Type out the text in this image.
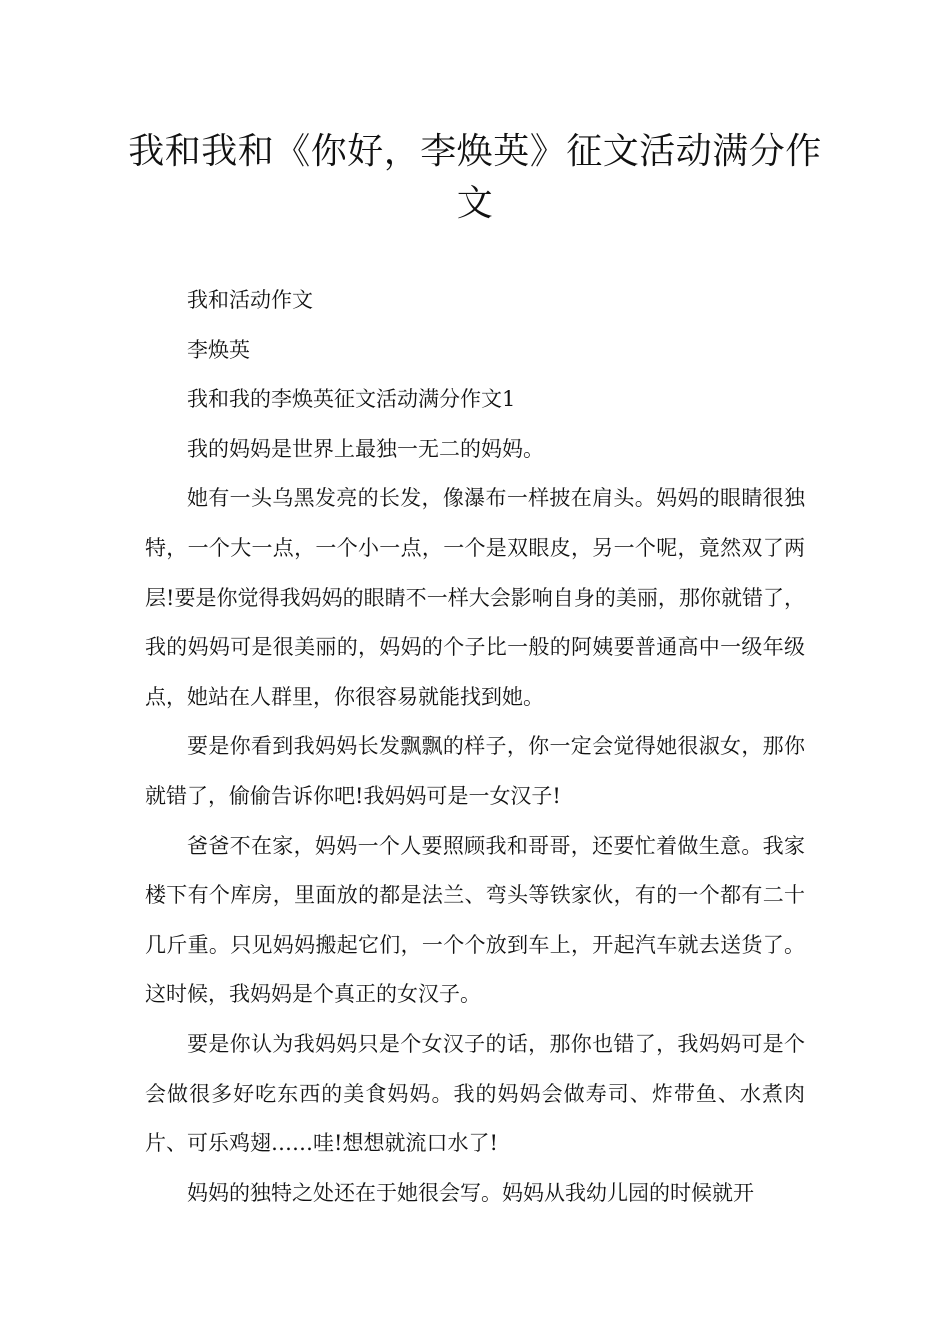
我和我和《你好，李焕英》征文活动满分作文

我和活动作文

李焕英

我和我的李焕英征文活动满分作文1

我的妈妈是世界上最独一无二的妈妈。

她有一头乌黑发亮的长发，像瀑布一样披在肩头。妈妈的眼睛很独特，一个大一点，一个小一点，一个是双眼皮，另一个呢，竟然双了两层!要是你觉得我妈妈的眼睛不一样大会影响自身的美丽，那你就错了，我的妈妈可是很美丽的，妈妈的个子比一般的阿姨要普通高中一级年级点，她站在人群里，你很容易就能找到她。

要是你看到我妈妈长发飘飘的样子，你一定会觉得她很淑女，那你就错了，偷偷告诉你吧!我妈妈可是一女汉子!

爸爸不在家，妈妈一个人要照顾我和哥哥，还要忙着做生意。我家楼下有个库房，里面放的都是法兰、弯头等铁家伙，有的一个都有二十几斤重。只见妈妈搬起它们，一个个放到车上，开起汽车就去送货了。这时候，我妈妈是个真正的女汉子。

要是你认为我妈妈只是个女汉子的话，那你也错了，我妈妈可是个会做很多好吃东西的美食妈妈。我的妈妈会做寿司、炸带鱼、水煮肉片、可乐鸡翅……哇!想想就流口水了!

妈妈的独特之处还在于她很会写。妈妈从我幼儿园的时候就开
